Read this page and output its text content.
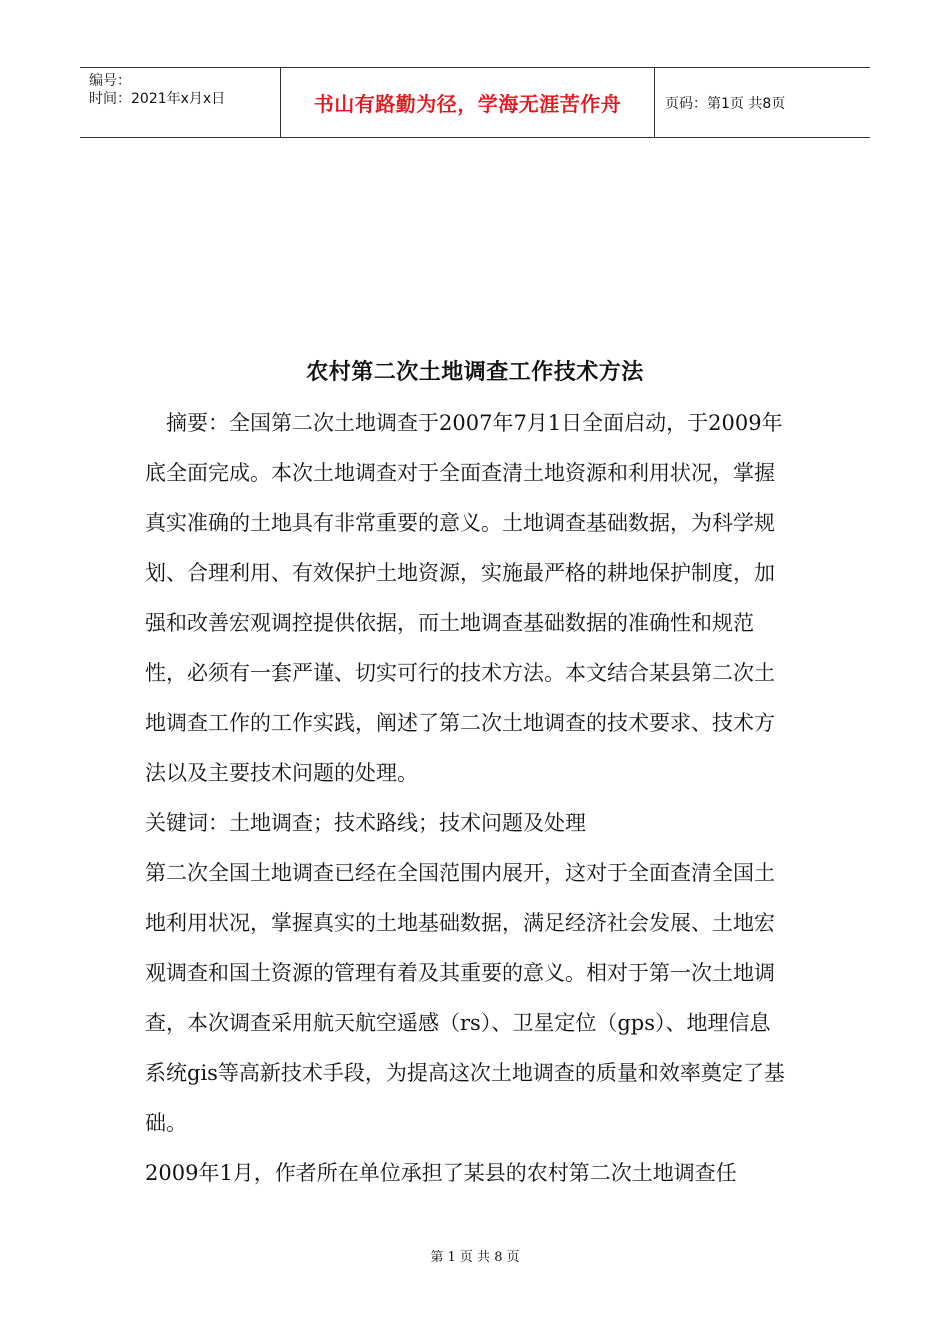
编号：
时间：2021年x月x日	书山有路勤为径，学海无涯苦作舟	页码：第1页 共8页
农村第二次土地调查工作技术方法

摘要：全国第二次土地调查于2007年7月1日全面启动，于2009年底全面完成。本次土地调查对于全面查清土地资源和利用状况，掌握真实准确的土地具有非常重要的意义。土地调查基础数据，为科学规划、合理利用、有效保护土地资源，实施最严格的耕地保护制度，加强和改善宏观调控提供依据，而土地调查基础数据的准确性和规范性，必须有一套严谨、切实可行的技术方法。本文结合某县第二次土地调查工作的工作实践，阐述了第二次土地调查的技术要求、技术方法以及主要技术问题的处理。

关键词：土地调查；技术路线；技术问题及处理

第二次全国土地调查已经在全国范围内展开，这对于全面查清全国土地利用状况，掌握真实的土地基础数据，满足经济社会发展、土地宏观调查和国土资源的管理有着及其重要的意义。相对于第一次土地调查，本次调查采用航天航空遥感（rs）、卫星定位（gps）、地理信息系统gis等高新技术手段，为提高这次土地调查的质量和效率奠定了基础。

2009年1月，作者所在单位承担了某县的农村第二次土地调查任

第 1 页 共 8 页
